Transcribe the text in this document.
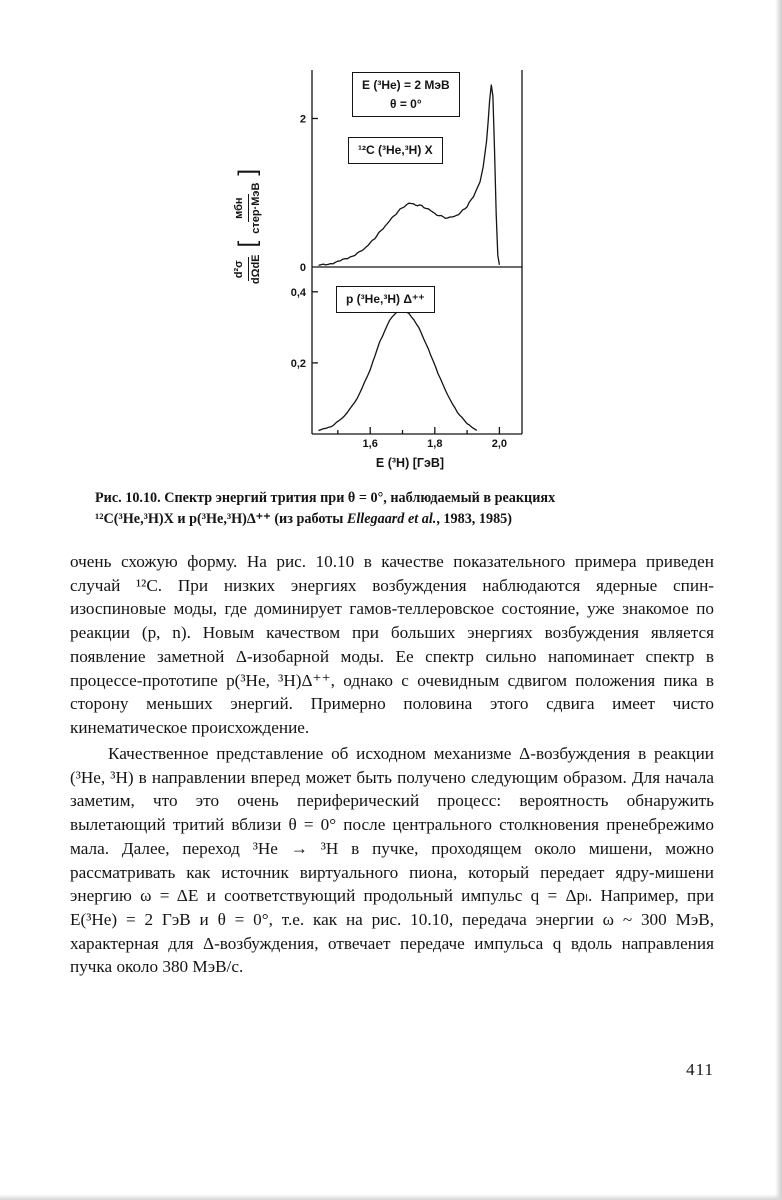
d²σ dΩdE
[
мбн стер·МэВ
]
2
0
0,4
0,2
1,6	1,8	2,0
E (³He) = 2 МэВ
θ = 0°
¹²C (³He,³H) X
p (³He,³H) Δ⁺⁺
E (³H) [ГэВ]
Рис. 10.10. Спектр энергий трития при θ = 0°, наблюдаемый в реакциях
¹²C(³He,³H)X и p(³He,³H)Δ⁺⁺ (из работы Ellegaard et al., 1983, 1985)

очень схожую форму. На рис. 10.10 в качестве показательного примера приведен случай ¹²C. При низких энергиях возбуждения наблюдаются ядерные спин-изоспиновые моды, где доминирует гамов-теллеровское состояние, уже знакомое по реакции (p, n). Новым качеством при больших энергиях возбуждения является появление заметной Δ-изобарной моды. Ее спектр сильно напоминает спектр в процессе-прототипе p(³He, ³H)Δ⁺⁺, однако с очевидным сдвигом положения пика в сторону меньших энергий. Примерно половина этого сдвига имеет чисто кинематическое происхождение.

Качественное представление об исходном механизме Δ-возбуждения в реакции (³He, ³H) в направлении вперед может быть получено следующим образом. Для начала заметим, что это очень периферический процесс: вероятность обнаружить вылетающий тритий вблизи θ = 0° после центрального столкновения пренебрежимо мала. Далее, переход ³He → ³H в пучке, проходящем около мишени, можно рассматривать как источник виртуального пиона, который передает ядру-мишени энергию ω = ΔE и соответствующий продольный импульс q = Δpₗ. Например, при E(³He) = 2 ГэВ и θ = 0°, т.е. как на рис. 10.10, передача энергии ω ~ 300 МэВ, характерная для Δ-возбуждения, отвечает передаче импульса q вдоль направления пучка около 380 МэВ/c.

411
